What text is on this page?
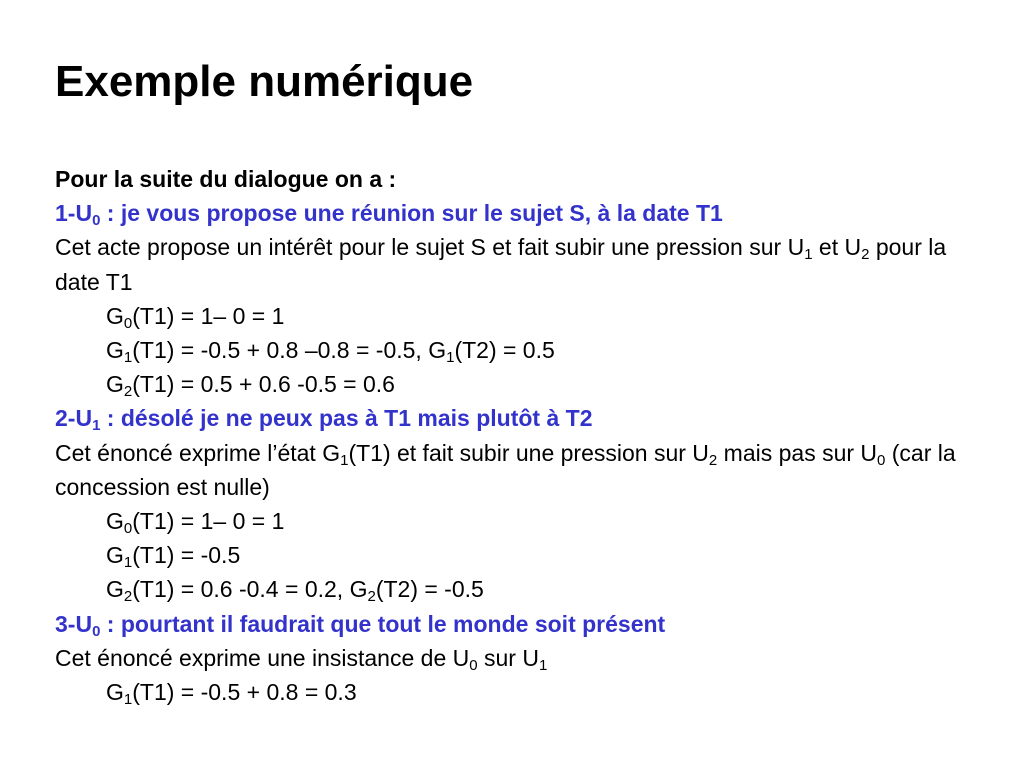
Exemple numérique
Pour la suite du dialogue on a :
$1-U_0$ : je vous propose une réunion sur le sujet S, à la date T1
Cet acte propose un intérêt pour le sujet S et fait subir une pression sur $U_1$ et $U_2$ pour la date T1
$G_0(T1) = 1-$ 0 = 1
$G_1(T1) = -0.5 + 0.8$ –0.8 = -0.5, $G_1(T2) = 0.5$
$G_2(T1) = 0.5 + 0.6$ -0.5 = 0.6
$2-U_1$ : désolé je ne peux pas à T1 mais plutôt à T2
Cet énoncé exprime l’état $G_1(T1)$ et fait subir une pression sur $U_2$ mais pas sur $U_0$ (car la concession est nulle)
$G_0(T1) = 1-$ 0 = 1
$G_1(T1) = -0.5$
$G_2(T1) = 0.6$ -0.4 = 0.2, $G_2(T2) = -0.5$
$3-U_0$ : pourtant il faudrait que tout le monde soit présent
Cet énoncé exprime une insistance de $U_0$ sur $U_1$
$G_1(T1) = -0.5 + 0.8 = 0.3$
